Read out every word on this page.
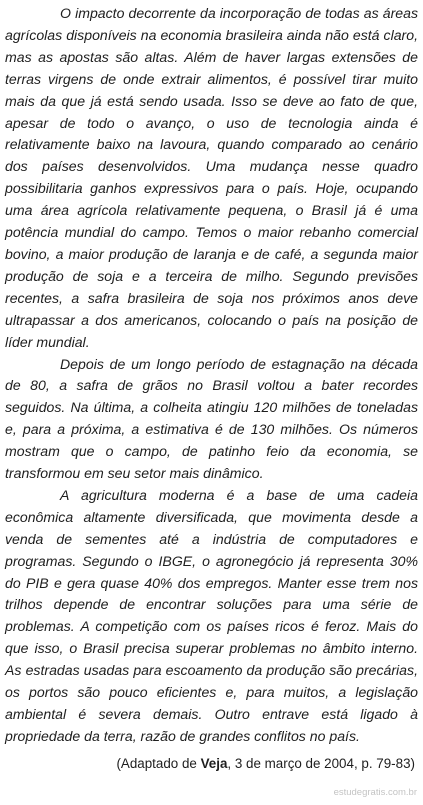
O impacto decorrente da incorporação de todas as áreas agrícolas disponíveis na economia brasileira ainda não está claro, mas as apostas são altas. Além de haver largas extensões de terras virgens de onde extrair alimentos, é possível tirar muito mais da que já está sendo usada. Isso se deve ao fato de que, apesar de todo o avanço, o uso de tecnologia ainda é relativamente baixo na lavoura, quando comparado ao cenário dos países desenvolvidos. Uma mudança nesse quadro possibilitaria ganhos expressivos para o país. Hoje, ocupando uma área agrícola relativamente pequena, o Brasil já é uma potência mundial do campo. Temos o maior rebanho comercial bovino, a maior produção de laranja e de café, a segunda maior produção de soja e a terceira de milho. Segundo previsões recentes, a safra brasileira de soja nos próximos anos deve ultrapassar a dos americanos, colocando o país na posição de líder mundial.

Depois de um longo período de estagnação na década de 80, a safra de grãos no Brasil voltou a bater recordes seguidos. Na última, a colheita atingiu 120 milhões de toneladas e, para a próxima, a estimativa é de 130 milhões. Os números mostram que o campo, de patinho feio da economia, se transformou em seu setor mais dinâmico.

A agricultura moderna é a base de uma cadeia econômica altamente diversificada, que movimenta desde a venda de sementes até a indústria de computadores e programas. Segundo o IBGE, o agronegócio já representa 30% do PIB e gera quase 40% dos empregos. Manter esse trem nos trilhos depende de encontrar soluções para uma série de problemas. A competição com os países ricos é feroz. Mais do que isso, o Brasil precisa superar problemas no âmbito interno. As estradas usadas para escoamento da produção são precárias, os portos são pouco eficientes e, para muitos, a legislação ambiental é severa demais. Outro entrave está ligado à propriedade da terra, razão de grandes conflitos no país.

(Adaptado de Veja, 3 de março de 2004, p. 79-83)
estudegratis.com.br
